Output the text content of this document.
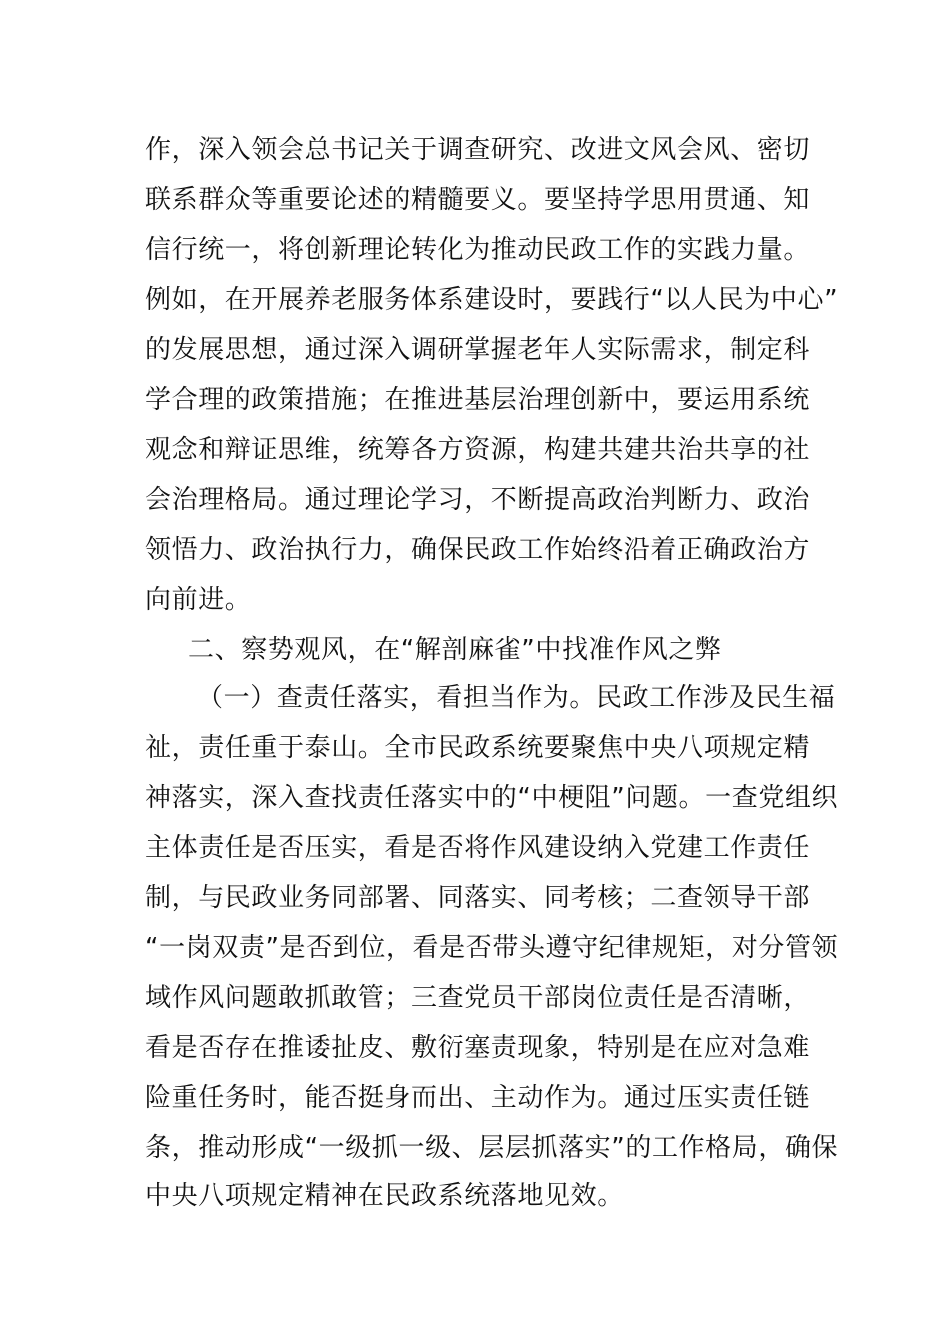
作，深入领会总书记关于调查研究、改进文风会风、密切
联系群众等重要论述的精髓要义。要坚持学思用贯通、知
信行统一，将创新理论转化为推动民政工作的实践力量。
例如，在开展养老服务体系建设时，要践行“以人民为中心”
的发展思想，通过深入调研掌握老年人实际需求，制定科
学合理的政策措施；在推进基层治理创新中，要运用系统
观念和辩证思维，统筹各方资源，构建共建共治共享的社
会治理格局。通过理论学习，不断提高政治判断力、政治
领悟力、政治执行力，确保民政工作始终沿着正确政治方
向前进。
二、察势观风，在“解剖麻雀”中找准作风之弊
（一）查责任落实，看担当作为。民政工作涉及民生福
祉，责任重于泰山。全市民政系统要聚焦中央八项规定精
神落实，深入查找责任落实中的“中梗阻”问题。一查党组织
主体责任是否压实，看是否将作风建设纳入党建工作责任
制，与民政业务同部署、同落实、同考核；二查领导干部
“一岗双责”是否到位，看是否带头遵守纪律规矩，对分管领
域作风问题敢抓敢管；三查党员干部岗位责任是否清晰，
看是否存在推诿扯皮、敷衍塞责现象，特别是在应对急难
险重任务时，能否挺身而出、主动作为。通过压实责任链
条，推动形成“一级抓一级、层层抓落实”的工作格局，确保
中央八项规定精神在民政系统落地见效。
